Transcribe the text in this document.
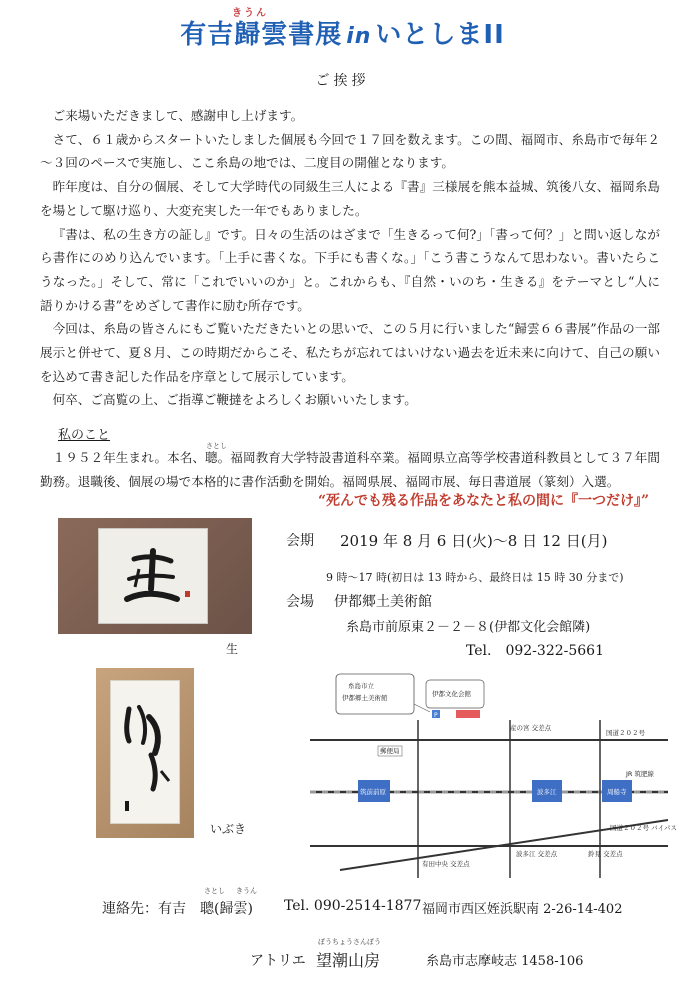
きうん
有吉歸雲書展 in いとしまII
ご挨拶

ご来場いただきまして、感謝申し上げます。

さて、６１歳からスタートいたしました個展も今回で１７回を数えます。この間、福岡市、糸島市で毎年２～３回のペースで実施し、ここ糸島の地では、二度目の開催となります。

昨年度は、自分の個展、そして大学時代の同級生三人による『書』三様展を熊本益城、筑後八女、福岡糸島を場として駆け巡り、大変充実した一年でもありました。

『書は、私の生き方の証し』です。日々の生活のはざまで「生きるって何?」「書って何？」と問い返しながら書作にのめり込んでいます。「上手に書くな。下手にも書くな。」「こう書こうなんて思わない。書いたらこうなった。」そして、常に「これでいいのか」と。これからも、『自然・いのち・生きる』をテーマとし“人に語りかける書”をめざして書作に励む所存です。

今回は、糸島の皆さんにもご覧いただきたいとの思いで、この５月に行いました“歸雲６６書展”作品の一部展示と併せて、夏８月、この時期だからこそ、私たちが忘れてはいけない過去を近未来に向けて、自己の願いを込めて書き記した作品を序章として展示しています。

何卒、ご高覧の上、ご指導ご鞭撻をよろしくお願いいたします。

私のこと
さとし
１９５２年生まれ。本名、聰。福岡教育大学特設書道科卒業。福岡県立高等学校書道科教員として３７年間勤務。退職後、個展の場で本格的に書作活動を開始。福岡県展、福岡市展、毎日書道展（篆刻）入選。
“死んでも残る作品をあなたと私の間に『一つだけ』”
生
いぶき
会期 2019 年 8 月 6 日(火)～8 日 12 日(月)
9 時～17 時(初日は 13 時から、最終日は 15 時 30 分まで)
会場 伊都郷土美術館
糸島市前原東２－２－８(伊都文化会館隣)
Tel.　092-322-5661
糸島市立
伊都郷土美術館	伊都文化会館
P
筑前前原	波多江	周船寺
郵便局
産の宮 交差点
国道２０２号
JR 筑肥線
国道２０２号 バイパス
有田中央 交差点
波多江 交差点	鈴見 交差点
さとし きうん
連絡先：有吉　聰(歸雲) Tel. 090-2514-1877 福岡市西区姪浜駅南 2-26-14-402
ぼうちょうさんぼう
アトリエ 望潮山房	糸島市志摩岐志 1458-106
